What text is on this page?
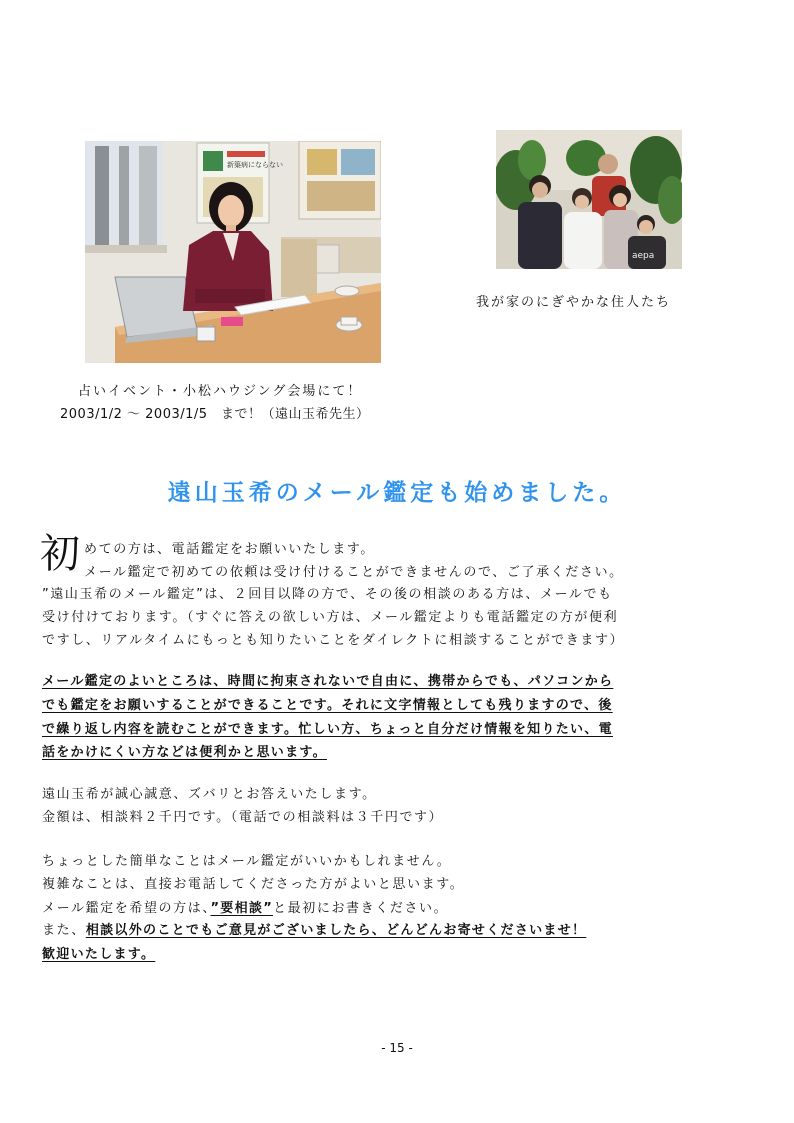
新築病にならない
aepa
我が家のにぎやかな住人たち
占いイベント・小松ハウジング会場にて！
2003/1/2 ～ 2003/1/5　まで！（遠山玉希先生）
遠山玉希のメール鑑定も始めました。
初 めての方は、電話鑑定をお願いいたします。
メール鑑定で初めての依頼は受け付けることができませんので、ご了承ください。
”遠山玉希のメール鑑定”は、２回目以降の方で、その後の相談のある方は、メールでも
受け付けております。（すぐに答えの欲しい方は、メール鑑定よりも電話鑑定の方が便利
ですし、リアルタイムにもっとも知りたいことをダイレクトに相談することができます）
メール鑑定のよいところは、時間に拘束されないで自由に、携帯からでも、パソコンから
でも鑑定をお願いすることができることです。それに文字情報としても残りますので、後
で繰り返し内容を読むことができます。忙しい方、ちょっと自分だけ情報を知りたい、電
話をかけにくい方などは便利かと思います。
遠山玉希が誠心誠意、ズバリとお答えいたします。
金額は、相談料２千円です。（電話での相談料は３千円です）
ちょっとした簡単なことはメール鑑定がいいかもしれません。
複雑なことは、直接お電話してくださった方がよいと思います。
メール鑑定を希望の方は、”要相談”と最初にお書きください。
また、相談以外のことでもご意見がございましたら、どんどんお寄せくださいませ！
歓迎いたします。
- 15 -
